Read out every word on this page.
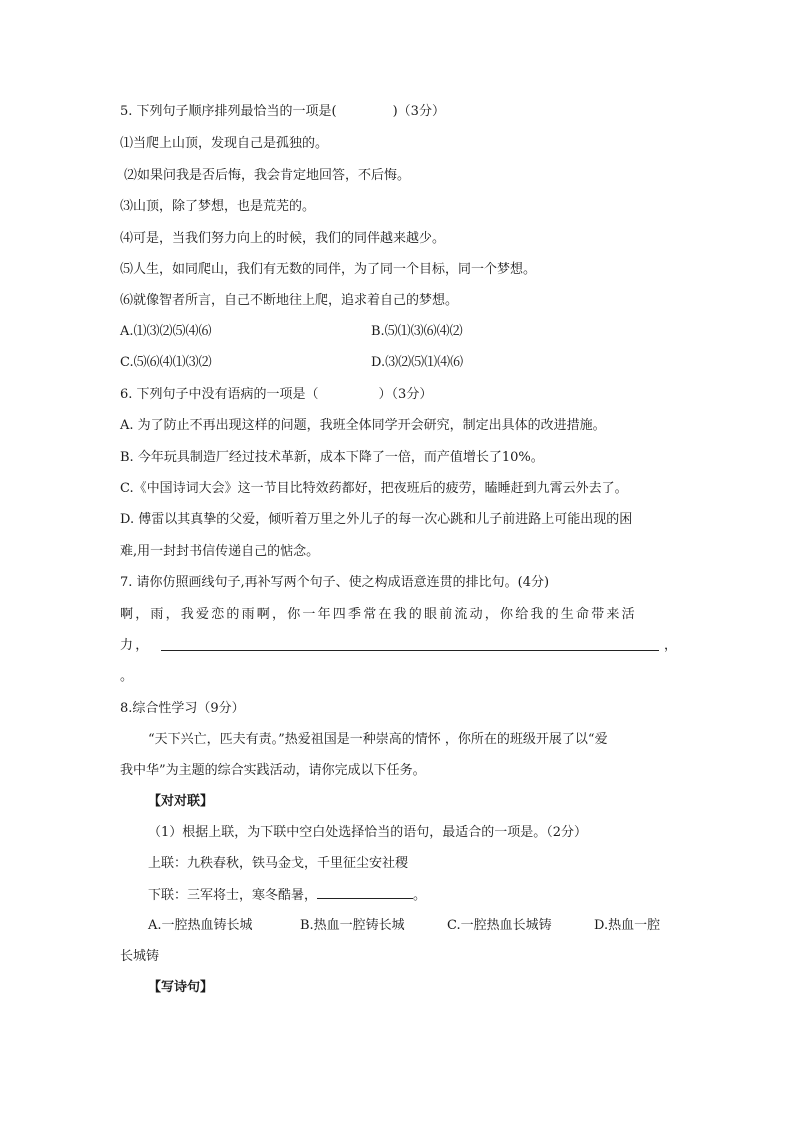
5. 下列句子顺序排列最恰当的一项是(	)（3分）
⑴当爬上山顶，发现自己是孤独的。
⑵如果问我是否后悔，我会肯定地回答，不后悔。
⑶山顶，除了梦想，也是荒芜的。
⑷可是，当我们努力向上的时候，我们的同伴越来越少。
⑸人生，如同爬山，我们有无数的同伴，为了同一个目标，同一个梦想。
⑹就像智者所言，自己不断地往上爬，追求着自己的梦想。
A.⑴⑶⑵⑸⑷⑹	B.⑸⑴⑶⑹⑷⑵
C.⑸⑹⑷⑴⑶⑵	D.⑶⑵⑸⑴⑷⑹
6. 下列句子中没有语病的一项是（	）（3分）
A. 为了防止不再出现这样的问题，我班全体同学开会研究，制定出具体的改进措施。
B. 今年玩具制造厂经过技术革新，成本下降了一倍，而产值增长了10%。
C.《中国诗词大会》这一节目比特效药都好，把夜班后的疲劳，瞌睡赶到九霄云外去了。
D. 傅雷以其真挚的父爱，倾听着万里之外儿子的每一次心跳和儿子前进路上可能出现的困
难,用一封封书信传递自己的惦念。
7. 请你仿照画线句子,再补写两个句子、使之构成语意连贯的排比句。(4分)
啊，雨，我爱恋的雨啊，你一年四季常在我的眼前流动，你给我的生命带来活
力，	，
。
8.综合性学习（9分）
“天下兴亡，匹夫有责。”热爱祖国是一种崇高的情怀 ，你所在的班级开展了以“爱
我中华”为主题的综合实践活动，请你完成以下任务。
【对对联】
（1）根据上联，为下联中空白处选择恰当的语句，最适合的一项是。（2分）
上联：九秩春秋，铁马金戈，千里征尘安社稷
下联：三军将士，寒冬酷暑，	。
A.一腔热血铸长城	B.热血一腔铸长城	C.一腔热血长城铸	D.热血一腔
长城铸
【写诗句】
